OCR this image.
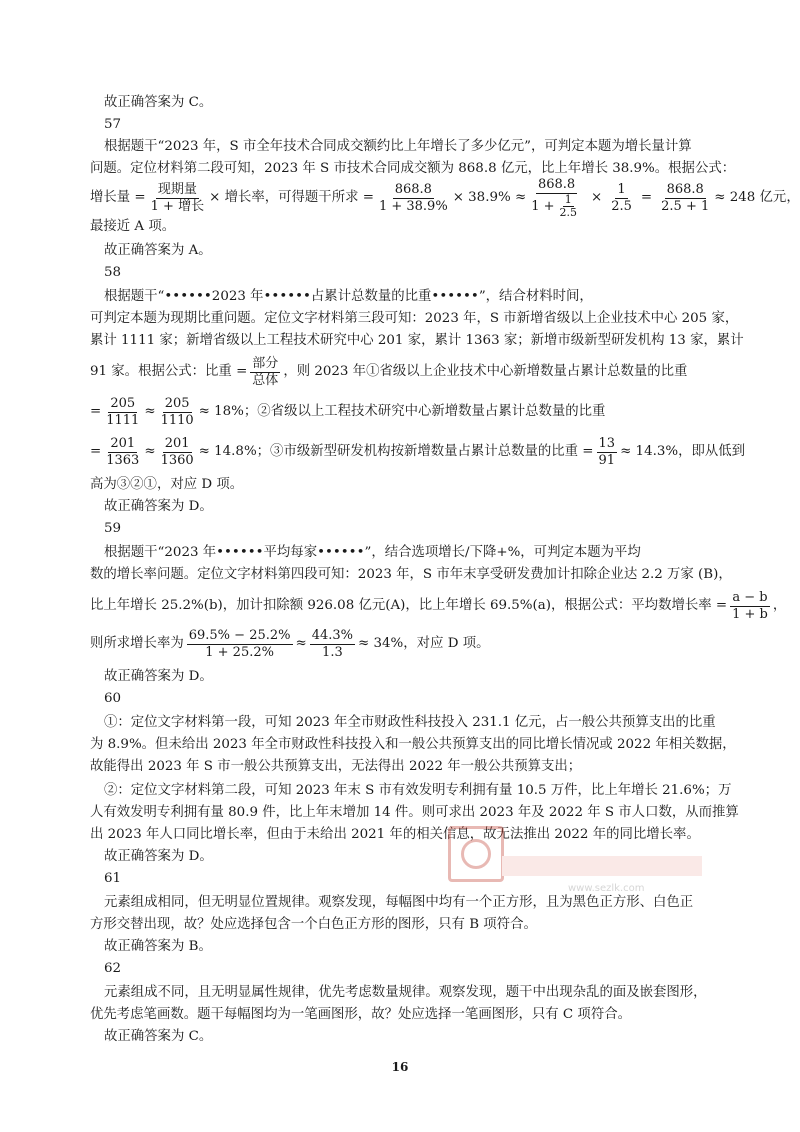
故正确答案为 C。

57

根据题干“2023 年，S 市全年技术合同成交额约比上年增长了多少亿元”，可判定本题为增长量计算

问题。定位材料第二段可知，2023 年 S 市技术合同成交额为 868.8 亿元，比上年增长 38.9%。根据公式：

增长量 = $\frac{\text{现期量}}{\text{1 + 增长}}$ × 增长率，可得题干所求 = $\frac{868.8}{1 + 38.9\%} \times 38.9\% \approx \frac{868.8}{1 + \frac{1}{2.5}} \times \frac{1}{2.5} = \frac{868.8}{2.5 + 1} \approx 248$ 亿元，

最接近 A 项。

故正确答案为 A。

58

根据题干“••••••2023 年••••••占累计总数量的比重••••••”，结合材料时间，

可判定本题为现期比重问题。定位文字材料第三段可知：2023 年，S 市新增省级以上企业技术中心 205 家，

累计 1111 家；新增省级以上工程技术研究中心 201 家，累计 1363 家；新增市级新型研发机构 13 家，累计

91 家。根据公式：比重 = $\frac{\text{部分}}{\text{总体}}$ ，则 2023 年①省级以上企业技术中心新增数量占累计总数量的比重
= $\frac{205}{1111} \approx \frac{205}{1110} \approx 18\%$；②省级以上工程技术研究中心新增数量占累计总数量的比重
= $\frac{201}{1363} \approx \frac{201}{1360} \approx 14.8\%$；③市级新型研发机构按新增数量占累计总数量的比重 = $\frac{13}{91} \approx 14.3\%$，即从低到

高为③②①，对应 D 项。

故正确答案为 D。

59

根据题干“2023 年••••••平均每家••••••”，结合选项增长/下降+%，可判定本题为平均

数的增长率问题。定位文字材料第四段可知：2023 年，S 市年末享受研发费加计扣除企业达 2.2 万家 (B)，

比上年增长 25.2%(b)，加计扣除额 926.08 亿元(A)，比上年增长 69.5%(a)，根据公式：平均数增长率 = $\frac{a - b}{1 + b}$ ，
则所求增长率为 $\frac{69.5\% - 25.2\%}{1 + 25.2\%} \approx \frac{44.3\%}{1.3} \approx 34\%$，对应 D 项。

故正确答案为 D。

60

①：定位文字材料第一段，可知 2023 年全市财政性科技投入 231.1 亿元，占一般公共预算支出的比重

为 8.9%。但未给出 2023 年全市财政性科技投入和一般公共预算支出的同比增长情况或 2022 年相关数据，

故能得出 2023 年 S 市一般公共预算支出，无法得出 2022 年一般公共预算支出；

②：定位文字材料第二段，可知 2023 年末 S 市有效发明专利拥有量 10.5 万件，比上年增长 21.6%；万

人有效发明专利拥有量 80.9 件，比上年末增加 14 件。则可求出 2023 年及 2022 年 S 市人口数，从而推算

出 2023 年人口同比增长率，但由于未给出 2021 年的相关信息，故无法推出 2022 年的同比增长率。

故正确答案为 D。

61

元素组成相同，但无明显位置规律。观察发现，每幅图中均有一个正方形，且为黑色正方形、白色正

方形交替出现，故？处应选择包含一个白色正方形的图形，只有 B 项符合。

故正确答案为 B。

62

元素组成不同，且无明显属性规律，优先考虑数量规律。观察发现，题干中出现杂乱的面及嵌套图形，

优先考虑笔画数。题干每幅图均为一笔画图形，故？处应选择一笔画图形，只有 C 项符合。

故正确答案为 C。

www.sezlk.com
16
